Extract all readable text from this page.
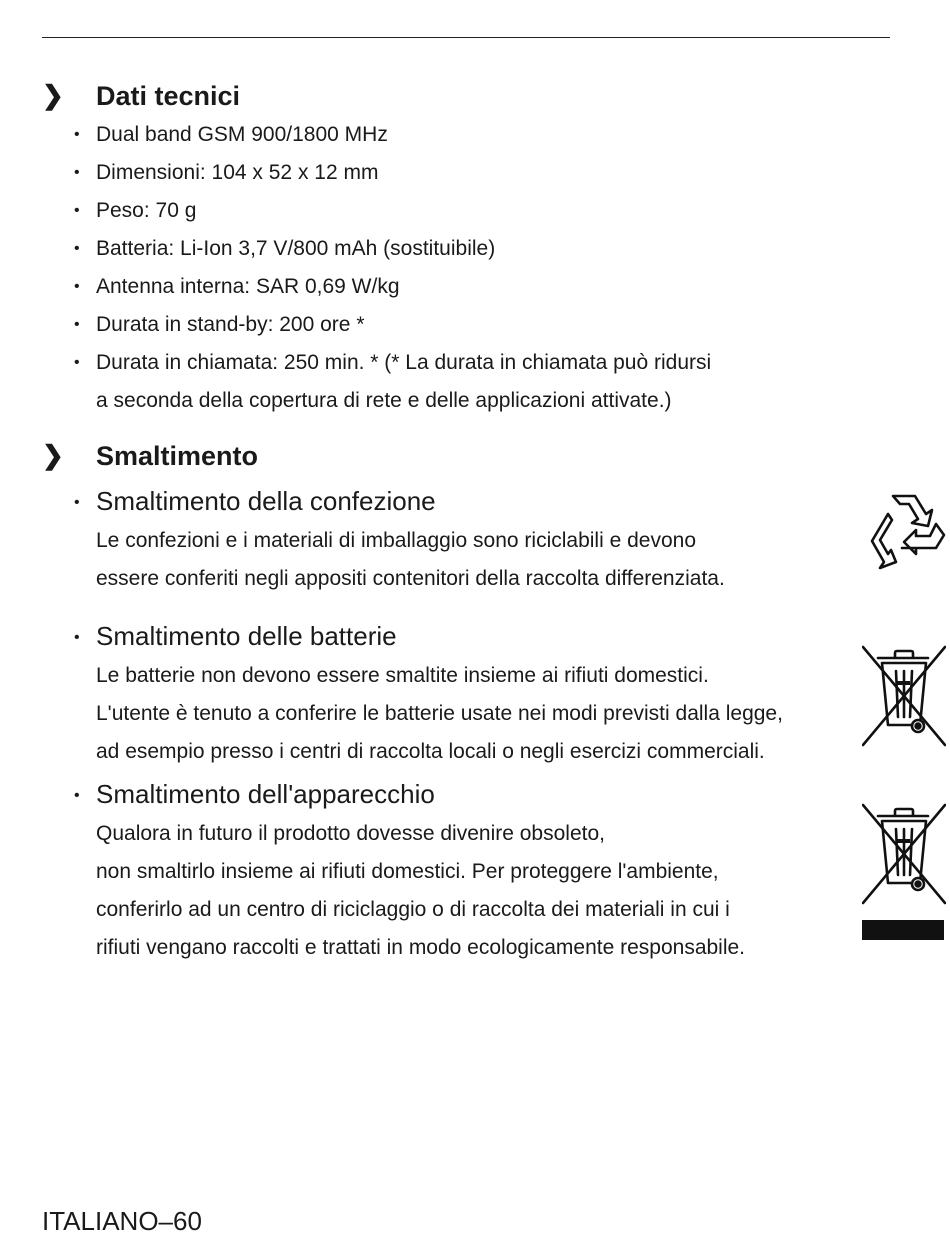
❯ Dati tecnici
• Dual band GSM 900/1800 MHz
• Dimensioni: 104 x 52 x 12 mm
• Peso: 70 g
• Batteria: Li-Ion 3,7 V/800 mAh (sostituibile)
• Antenna interna: SAR 0,69 W/kg
• Durata in stand-by: 200 ore *
• Durata in chiamata: 250 min. * (* La durata in chiamata può ridursi
a seconda della copertura di rete e delle applicazioni attivate.)
❯ Smaltimento
• Smaltimento della confezione
Le confezioni e i materiali di imballaggio sono riciclabili e devono
essere conferiti negli appositi contenitori della raccolta differenziata.
• Smaltimento delle batterie
Le batterie non devono essere smaltite insieme ai rifiuti domestici.
L'utente è tenuto a conferire le batterie usate nei modi previsti dalla legge,
ad esempio presso i centri di raccolta locali o negli esercizi commerciali.
• Smaltimento dell'apparecchio
Qualora in futuro il prodotto dovesse divenire obsoleto,
non smaltirlo insieme ai rifiuti domestici. Per proteggere l'ambiente,
conferirlo ad un centro di riciclaggio o di raccolta dei materiali in cui i
rifiuti vengano raccolti e trattati in modo ecologicamente responsabile.
ITALIANO–60
